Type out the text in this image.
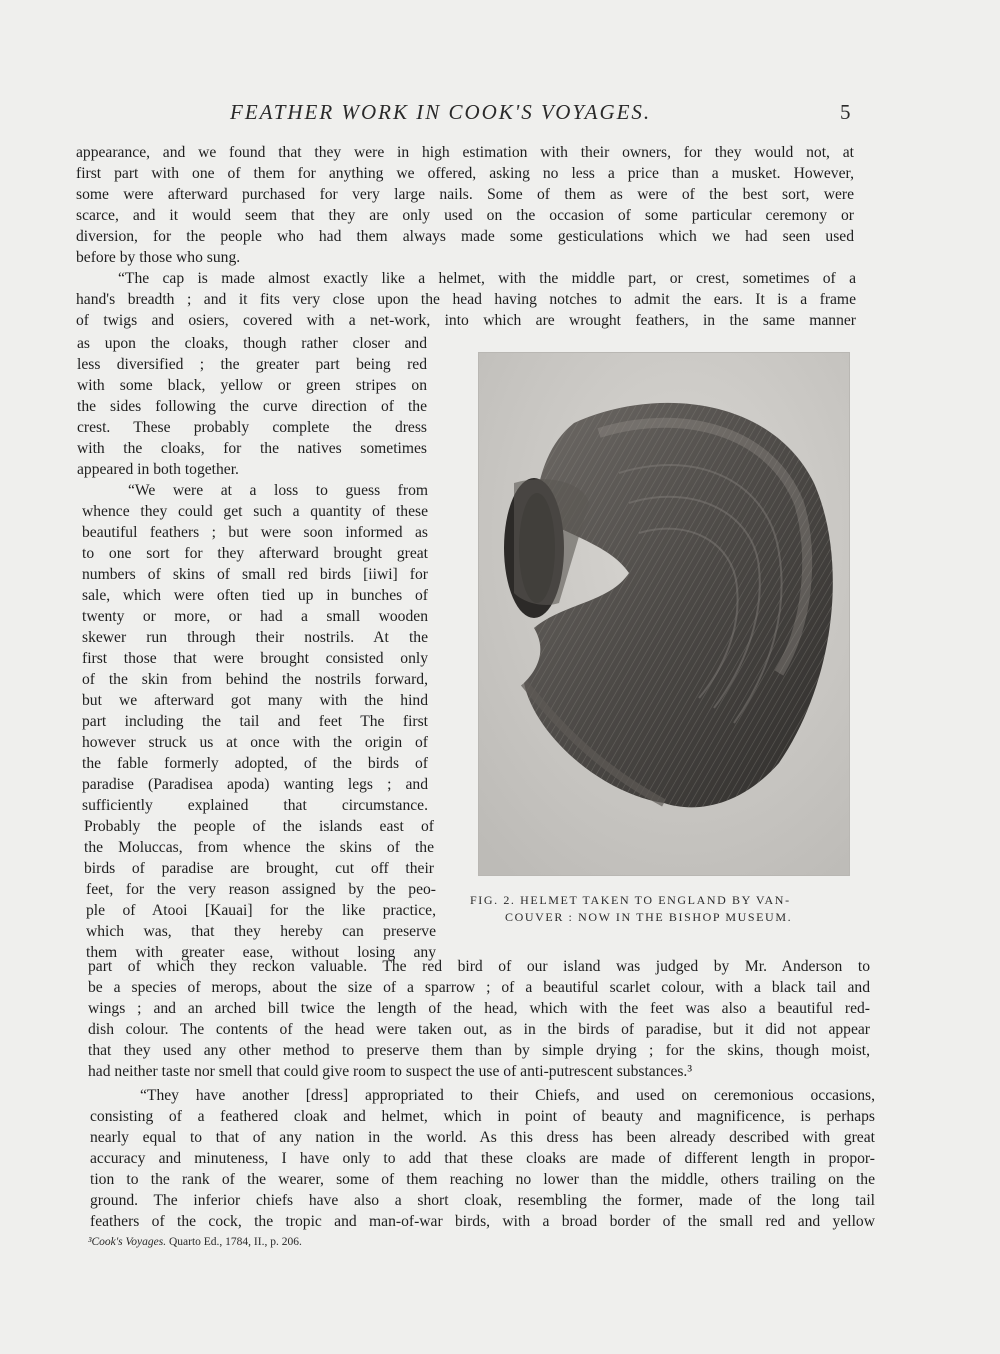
FEATHER WORK IN COOK'S VOYAGES.	5
appearance, and we found that they were in high estimation with their owners, for they would not, at
first part with one of them for anything we offered, asking no less a price than a musket. However,
some were afterward purchased for very large nails. Some of them as were of the best sort, were
scarce, and it would seem that they are only used on the occasion of some particular ceremony or
diversion, for the people who had them always made some gesticulations which we had seen used
before by those who sung.
“The cap is made almost exactly like a helmet, with the middle part, or crest, sometimes of a
hand's breadth ; and it fits very close upon the head having notches to admit the ears. It is a frame
of twigs and osiers, covered with a net-work, into which are wrought feathers, in the same manner
as upon the cloaks, though rather closer and
less diversified ; the greater part being red
with some black, yellow or green stripes on
the sides following the curve direction of the
crest. These probably complete the dress
with the cloaks, for the natives sometimes
appeared in both together.
“We were at a loss to guess from
whence they could get such a quantity of these
beautiful feathers ; but were soon informed as
to one sort for they afterward brought great
numbers of skins of small red birds [iiwi] for
sale, which were often tied up in bunches of
twenty or more, or had a small wooden
skewer run through their nostrils. At the
first those that were brought consisted only
of the skin from behind the nostrils forward,
but we afterward got many with the hind
part including the tail and feet The first
however struck us at once with the origin of
the fable formerly adopted, of the birds of
paradise (Paradisea apoda) wanting legs ; and
sufficiently explained that circumstance.
Probably the people of the islands east of
the Moluccas, from whence the skins of the
birds of paradise are brought, cut off their
feet, for the very reason assigned by the peo-
ple of Atooi [Kauai] for the like practice,
which was, that they hereby can preserve
them with greater ease, without losing any
FIG. 2. HELMET TAKEN TO ENGLAND BY VAN-
COUVER : NOW IN THE BISHOP MUSEUM.
part of which they reckon valuable. The red bird of our island was judged by Mr. Anderson to
be a species of merops, about the size of a sparrow ; of a beautiful scarlet colour, with a black tail and
wings ; and an arched bill twice the length of the head, which with the feet was also a beautiful red-
dish colour. The contents of the head were taken out, as in the birds of paradise, but it did not appear
that they used any other method to preserve them than by simple drying ; for the skins, though moist,
had neither taste nor smell that could give room to suspect the use of anti-putrescent substances.³
“They have another [dress] appropriated to their Chiefs, and used on ceremonious occasions,
consisting of a feathered cloak and helmet, which in point of beauty and magnificence, is perhaps
nearly equal to that of any nation in the world. As this dress has been already described with great
accuracy and minuteness, I have only to add that these cloaks are made of different length in propor-
tion to the rank of the wearer, some of them reaching no lower than the middle, others trailing on the
ground. The inferior chiefs have also a short cloak, resembling the former, made of the long tail
feathers of the cock, the tropic and man-of-war birds, with a broad border of the small red and yellow
³Cook's Voyages. Quarto Ed., 1784, II., p. 206.
